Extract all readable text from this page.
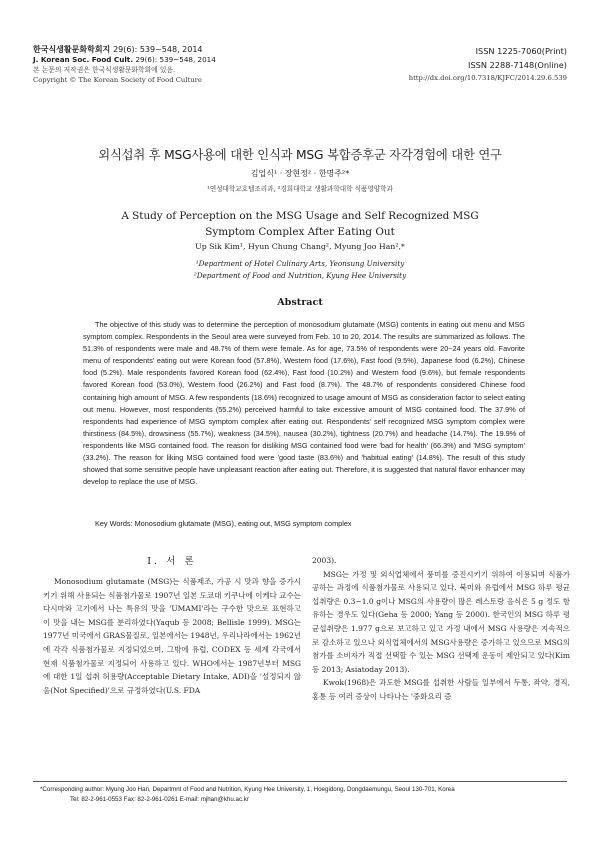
한국식생활문화학회지 29(6): 539~548, 2014
J. Korean Soc. Food Cult. 29(6): 539~548, 2014
본 논문의 저작권은 한국식생활문화학회에 있음.
Copyright © The Korean Society of Food Culture
ISSN 1225-7060(Print)
ISSN 2288-7148(Online)
http://dx.doi.org/10.7318/KJFC/2014.29.6.539
외식섭취 후 MSG사용에 대한 인식과 MSG 복합증후군 자각경험에 대한 연구
김업식¹ · 장현정² · 한명주²*
¹연성대학교호텔조리과, ²경희대학교 생활과학대학 식품영양학과
A Study of Perception on the MSG Usage and Self Recognized MSG
Symptom Complex After Eating Out
Up Sik Kim¹, Hyun Chung Chang², Myung Joo Han²,*
¹Department of Hotel Culinary Arts, Yeonsung University
²Department of Food and Nutrition, Kyung Hee University
Abstract
The objective of this study was to determine the perception of monosodium glutamate (MSG) contents in eating out menu and MSG symptom complex. Respondents in the Seoul area were surveyed from Feb. 10 to 20, 2014. The results are summarized as follows. The 51.3% of respondents were male and 48.7% of them were female. As for age, 73.5% of respondents were 20~24 years old. Favorite menu of respondents' eating out were Korean food (57.8%), Western food (17.6%), Fast food (9.5%), Japanese food (6.2%), Chinese food (5.2%). Male respondents favored Korean food (62.4%), Fast food (10.2%) and Western food (9.6%), but female respondents favored Korean food (53.0%), Western food (26.2%) and Fast food (8.7%). The 48.7% of respondents considered Chinese food containing high amount of MSG. A few respondents (18.6%) recognized to usage amount of MSG as consideration factor to select eating out menu. However, most respondents (55.2%) perceived harmful to take excessive amount of MSG contained food. The 37.9% of respondents had experience of MSG symptom complex after eating out. Respondents' self recognized MSG symptom complex were thirstiness (84.5%), drowsiness (55.7%), weakness (34.5%), nausea (30.2%), tightness (20.7%) and headache (14.7%). The 19.9% of respondents like MSG contained food. The reason for disliking MSG contained food were 'bad for health' (66.3%) and 'MSG symptom' (33.2%). The reason for liking MSG contained food were 'good taste (83.6%) and 'habitual eating' (14.8%). The result of this study showed that some sensitive people have unpleasant reaction after eating out. Therefore, it is suggested that natural flavor enhancer may develop to replace the use of MSG.
Key Words: Monosodium glutamate (MSG), eating out, MSG symptom complex
Ⅰ. 서 론

Monosodium glutamate (MSG)는 식품제조, 가공 시 맛과 향을 증가시키기 위해 사용되는 식품첨가물로 1907년 일본 도쿄대 키쿠나에 이케다 교수는 다시마와 고기에서 나는 특유의 맛을 'UMAMI'라는 구수한 맛으로 표현하고 이 맛을 내는 MSG를 분리하였다(Yaqub 등 2008; Bellisle 1999). MSG는 1977년 미국에서 GRAS물질로, 일본에서는 1948년, 우리나라에서는 1962년에 각각 식품첨가물로 지정되었으며, 그밖에 유럽, CODEX 등 세계 각국에서 현재 식품첨가물로 지정되어 사용하고 있다. WHO에서는 1987년부터 MSG에 대한 1일 섭취 허용량(Acceptable Dietary Intake, ADI)을 '설정되지 않음(Not Specified)'으로 규정하였다(U.S. FDA

2003).

MSG는 가정 및 외식업체에서 풍미를 증진시키기 위하여 이용되며 식품가공하는 과정에 식품첨가물로 사용되고 있다. 북미와 유럽에서 MSG 하루 평균섭취량은 0.3~1.0 g이나 MSG의 사용량이 많은 레스토랑 음식은 5 g 정도 함유하는 경우도 있다(Geha 등 2000; Yang 등 2000). 한국인의 MSG 하루 평균섭취량은 1.977 g으로 보고하고 있고 가정 내에서 MSG 사용량은 지속적으로 감소하고 있으나 외식업체에서의 MSG사용량은 증가하고 있으므로 MSG의 첨가를 소비자가 직접 선택할 수 있는 MSG 선택제 운동이 제안되고 있다(Kim 등 2013; Asiatoday 2013).

Kwok(1968)은 과도한 MSG를 섭취한 사람들 일부에서 두통, 좌약, 경직, 홍통 등 여러 증상이 나타나는 '중화요리 증

*Corresponding author: Myung Joo Han, Departmnt of Food and Nutrition, Kyung Hee University, 1, Hoegidong, Dongdaemungu, Seoul 130-701, Korea
Tel: 82-2-961-0553 Fax: 82-2-961-0261 E-mail: mjhan@khu.ac.kr
